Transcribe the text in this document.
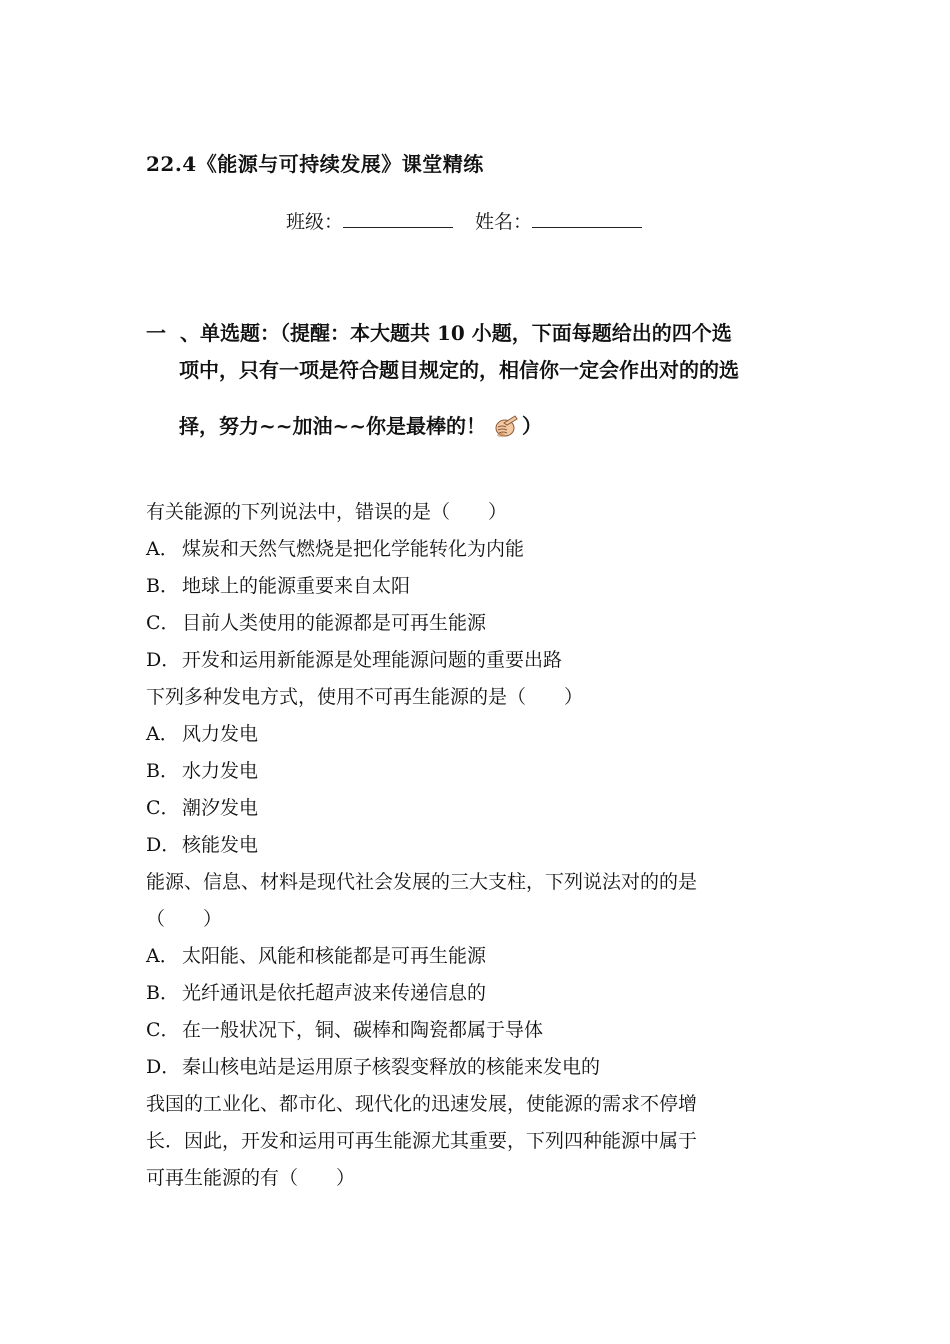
22.4《能源与可持续发展》课堂精练
班级：	姓名：
一 、单选题：（提醒：本大题共 10 小题，下面每题给出的四个选
项中，只有一项是符合题目规定的，相信你一定会作出对的的选
择，努力~~加油~~你是最棒的！ ）
有关能源的下列说法中，错误的是（　　）
A． 煤炭和天然气燃烧是把化学能转化为内能
B． 地球上的能源重要来自太阳
C． 目前人类使用的能源都是可再生能源
D．开发和运用新能源是处理能源问题的重要出路
下列多种发电方式，使用不可再生能源的是（　　）
A． 风力发电
B． 水力发电
C． 潮汐发电
D．核能发电
能源、信息、材料是现代社会发展的三大支柱，下列说法对的的是
（　　）
A． 太阳能、风能和核能都是可再生能源
B． 光纤通讯是依托超声波来传递信息的
C． 在一般状况下，铜、碳棒和陶瓷都属于导体
D．秦山核电站是运用原子核裂变释放的核能来发电的
我国的工业化、都市化、现代化的迅速发展，使能源的需求不停增
长．因此，开发和运用可再生能源尤其重要，下列四种能源中属于
可再生能源的有（　　）
